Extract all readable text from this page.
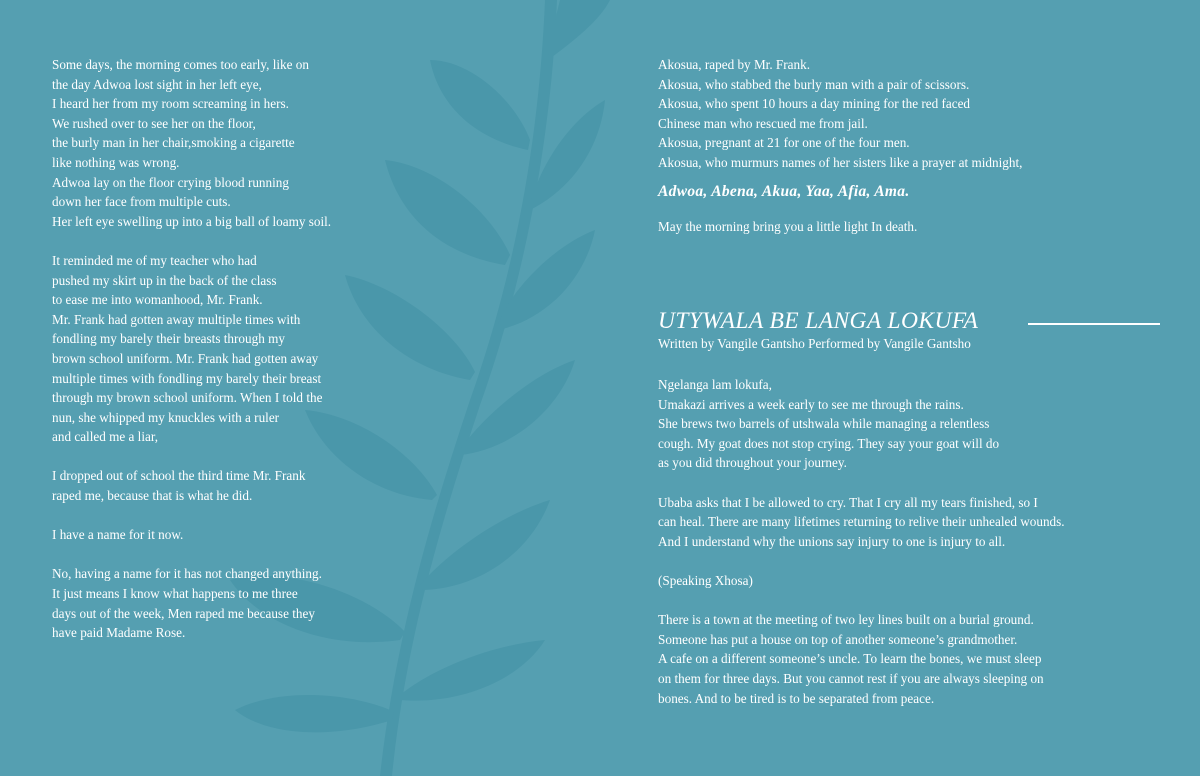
Some days, the morning comes too early, like on
the day Adwoa lost sight in her left eye,
I heard her from my room screaming in hers.
We rushed over to see her on the floor,
the burly man in her chair,smoking a cigarette
like nothing was wrong.
Adwoa lay on the floor crying blood running
down her face from multiple cuts.
Her left eye swelling up into a big ball of loamy soil.
It reminded me of my teacher who had
pushed my skirt up in the back of the class
to ease me into womanhood, Mr. Frank.
Mr. Frank had gotten away multiple times with
fondling my barely their breasts through my
brown school uniform. Mr. Frank had gotten away
multiple times with fondling my barely their breast
through my brown school uniform. When I told the
nun, she whipped my knuckles with a ruler
and called me a liar,
I dropped out of school the third time Mr. Frank
raped me, because that is what he did.
I have a name for it now.
No, having a name for it has not changed anything.
It just means I know what happens to me three
days out of the week, Men raped me because they
have paid Madame Rose.
Akosua, raped by Mr. Frank.
Akosua, who stabbed the burly man with a pair of scissors.
Akosua, who spent 10 hours a day mining for the red faced
Chinese man who rescued me from jail.
Akosua, pregnant at 21 for one of the four men.
Akosua, who murmurs names of her sisters like a prayer at midnight,
Adwoa, Abena, Akua, Yaa, Afia, Ama.
May the morning bring you a little light In death.
UTYWALA BE LANGA LOKUFA
Written by Vangile Gantsho Performed by Vangile Gantsho
Ngelanga lam lokufa,
Umakazi arrives a week early to see me through the rains.
She brews two barrels of utshwala while managing a relentless
cough. My goat does not stop crying. They say your goat will do
as you did throughout your journey.
Ubaba asks that I be allowed to cry. That I cry all my tears finished, so I
can heal. There are many lifetimes returning to relive their unhealed wounds.
And I understand why the unions say injury to one is injury to all.
(Speaking Xhosa)
There is a town at the meeting of two ley lines built on a burial ground.
Someone has put a house on top of another someone’s grandmother.
A cafe on a different someone’s uncle. To learn the bones, we must sleep
on them for three days. But you cannot rest if you are always sleeping on
bones. And to be tired is to be separated from peace.
